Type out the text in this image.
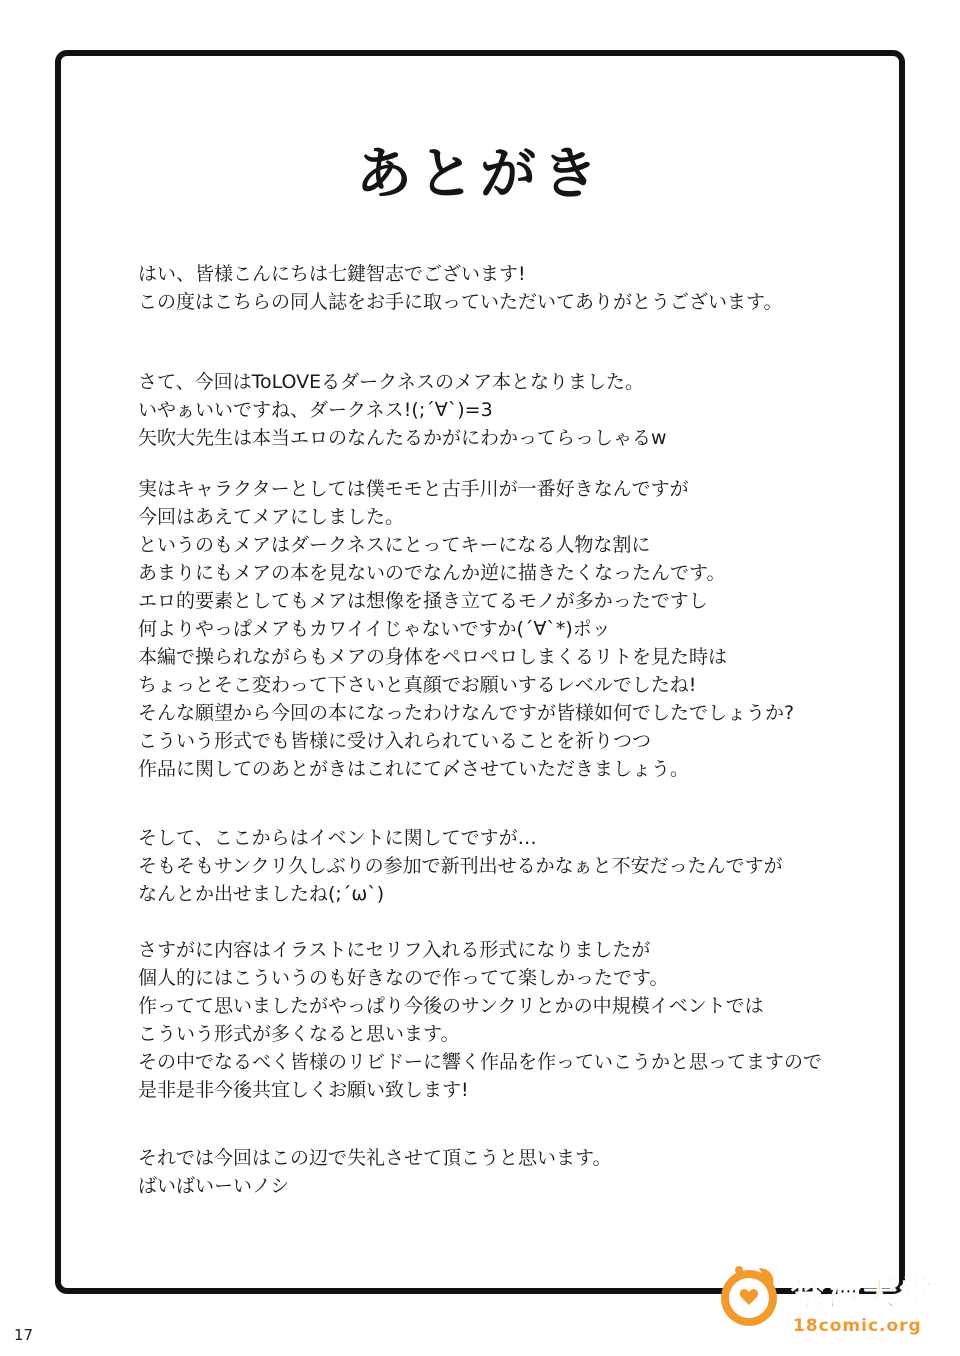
あとがき
はい、皆様こんにちは七鍵智志でございます!
この度はこちらの同人誌をお手に取っていただいてありがとうございます。
さて、今回はToLOVEるダークネスのメア本となりました。
いやぁいいですね、ダークネス!(;´∀`)=3
矢吹大先生は本当エロのなんたるかがにわかってらっしゃるw
実はキャラクターとしては僕モモと古手川が一番好きなんですが
今回はあえてメアにしました。
というのもメアはダークネスにとってキーになる人物な割に
あまりにもメアの本を見ないのでなんか逆に描きたくなったんです。
エロ的要素としてもメアは想像を掻き立てるモノが多かったですし
何よりやっぱメアもカワイイじゃないですか(´∀`*)ポッ
本編で操られながらもメアの身体をペロペロしまくるリトを見た時は
ちょっとそこ変わって下さいと真顔でお願いするレベルでしたね!
そんな願望から今回の本になったわけなんですが皆様如何でしたでしょうか?
こういう形式でも皆様に受け入れられていることを祈りつつ
作品に関してのあとがきはこれにて〆させていただきましょう。
そして、ここからはイベントに関してですが…
そもそもサンクリ久しぶりの参加で新刊出せるかなぁと不安だったんですが
なんとか出せましたね(;´ω`)
さすがに内容はイラストにセリフ入れる形式になりましたが
個人的にはこういうのも好きなので作ってて楽しかったです。
作ってて思いましたがやっぱり今後のサンクリとかの中規模イベントでは
こういう形式が多くなると思います。
その中でなるべく皆様のリビドーに響く作品を作っていこうかと思ってますので
是非是非今後共宜しくお願い致します!
それでは今回はこの辺で失礼させて頂こうと思います。
ばいばいーいノシ
17
禁漫天堂
18comic.org
